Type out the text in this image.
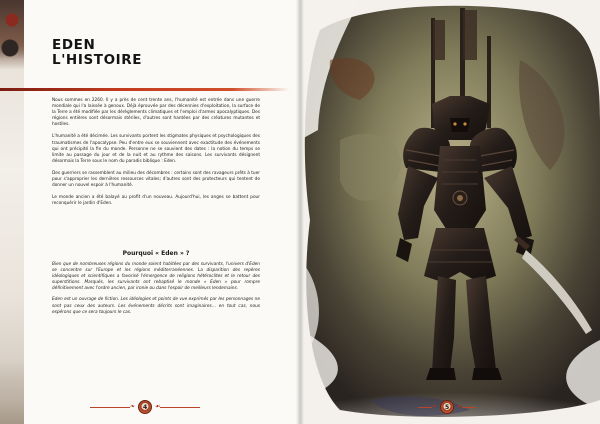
EDEN
L'HISTOIRE

Nous sommes en 2260. Il y a près de cent trente ans, l'humanité est entrée dans une guerre mondiale qui l'a laissée à genoux. Déjà éprouvée par des décennies d'exploitation, la surface de la Terre a été modifiée par les dérèglements climatiques et l'emploi d'armes apocalyptiques. Des régions entières sont désormais stériles, d'autres sont hantées par des créatures mutantes et hostiles.

L'humanité a été décimée. Les survivants portent les stigmates physiques et psychologiques des traumatismes de l'apocalypse. Peu d'entre eux se souviennent avec exactitude des événements qui ont précipité la fin du monde. Personne ne se souvient des dates : la notion du temps se limite au passage du jour et de la nuit et au rythme des saisons. Les survivants désignent désormais la Terre sous le nom du paradis biblique : Eden.

Des guerriers se rassemblent au milieu des décombres : certains sont des ravageurs prêts à tuer pour s'approprier les dernières ressources vitales; d'autres sont des protecteurs qui tentent de donner un nouvel espoir à l'humanité.

Le monde ancien a été balayé au profit d'un nouveau. Aujourd'hui, les anges se battent pour reconquérir le jardin d'Eden.

Pourquoi « Eden » ?

Bien que de nombreuses régions du monde soient habitées par des survivants, l'univers d'Eden se concentre sur l'Europe et les régions méditerranéennes. La disparition des repères idéologiques et scientifiques a favorisé l'émergence de religions hétéroclites et le retour des superstitions. Marqués, les survivants ont rebaptisé le monde « Eden » pour rompre définitivement avec l'ordre ancien, par ironie ou dans l'espoir de meilleurs lendemains.

Eden est un ouvrage de fiction. Les idéologies et points de vue exprimés par les personnages ne sont pas ceux des auteurs. Les événements décrits sont imaginaires… en tout cas, nous espérons que ce sera toujours le cas.

❧ 4 ☙	❧ 5 ☙
